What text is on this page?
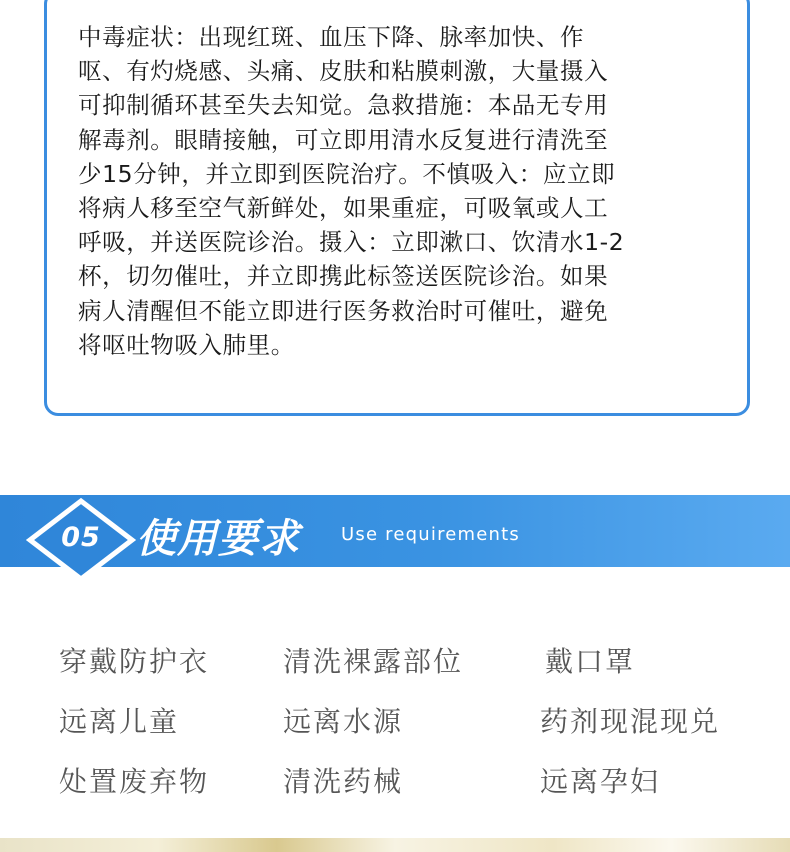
中毒症状：出现红斑、血压下降、脉率加快、作
呕、有灼烧感、头痛、皮肤和粘膜刺激，大量摄入
可抑制循环甚至失去知觉。急救措施：本品无专用
解毒剂。眼睛接触，可立即用清水反复进行清洗至
少15分钟，并立即到医院治疗。不慎吸入：应立即
将病人移至空气新鲜处，如果重症，可吸氧或人工
呼吸，并送医院诊治。摄入：立即漱口、饮清水1-2
杯，切勿催吐，并立即携此标签送医院诊治。如果
病人清醒但不能立即进行医务救治时可催吐，避免
将呕吐物吸入肺里。

05 使用要求 Use requirements
穿戴防护衣	清洗裸露部位	戴口罩
远离儿童	远离水源	药剂现混现兑
处置废弃物	清洗药械	远离孕妇
